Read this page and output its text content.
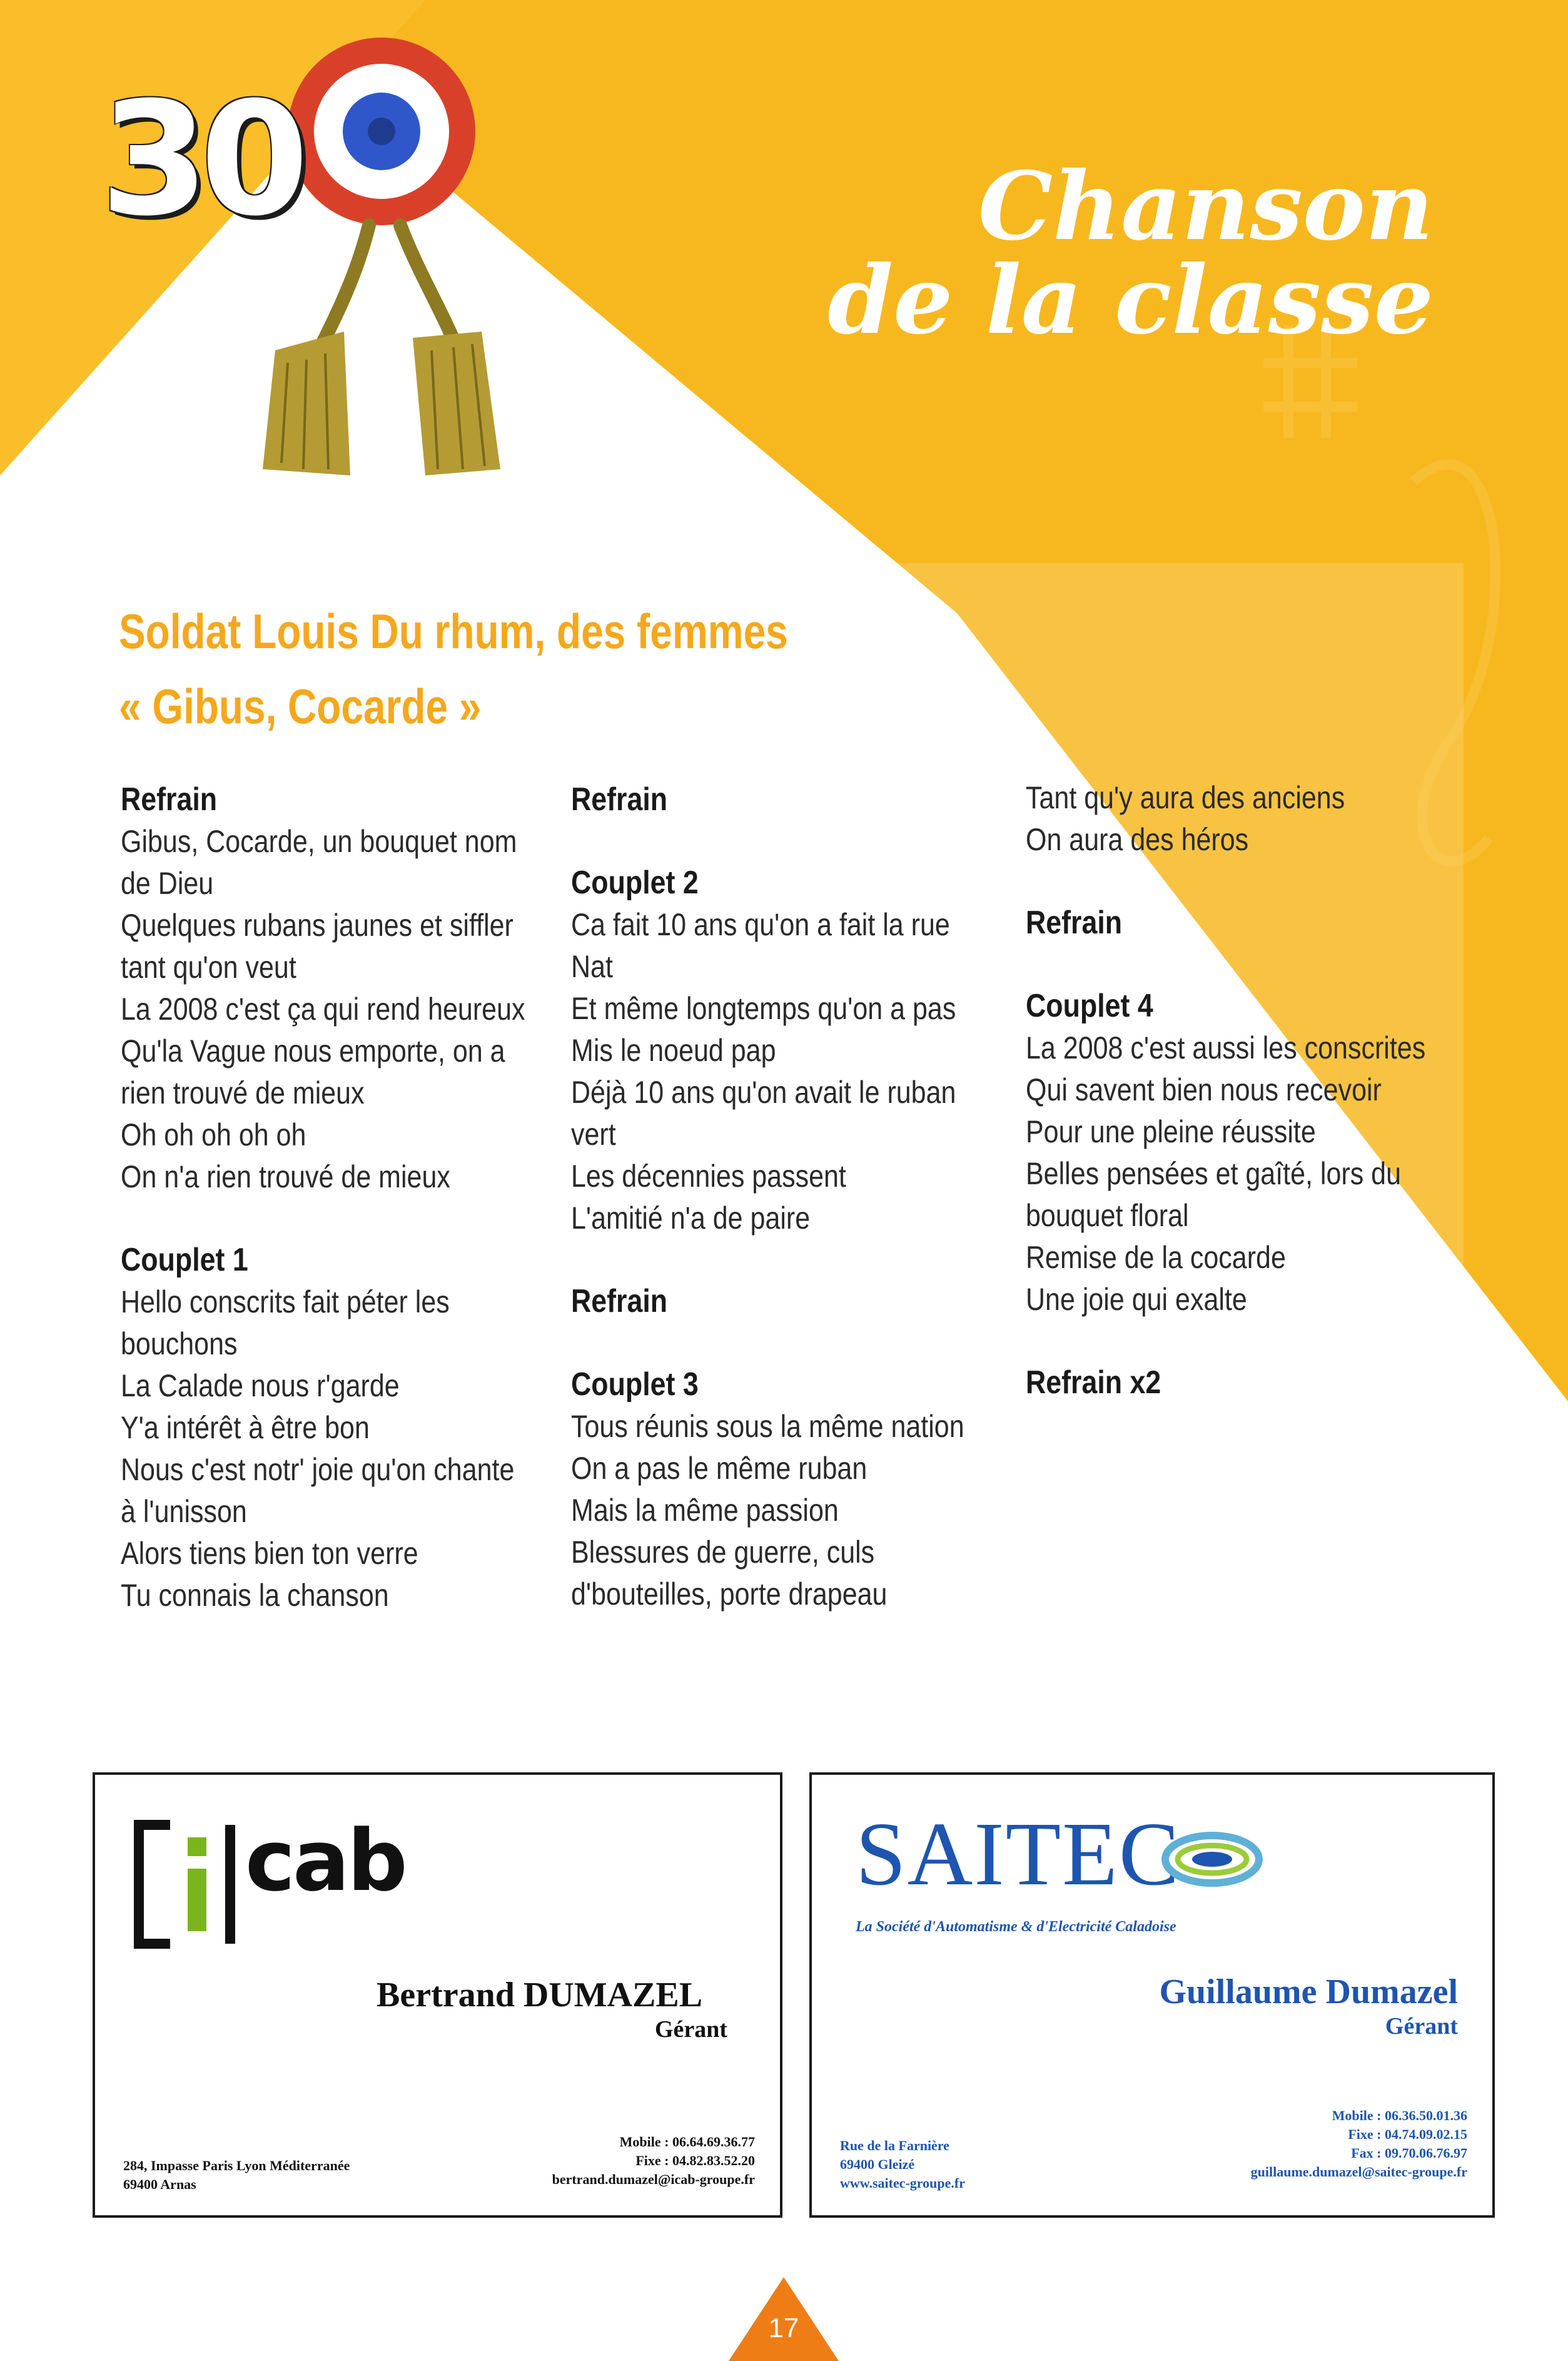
30	Chanson
de la classe
Soldat Louis Du rhum, des femmes
« Gibus, Cocarde »
Refrain
Gibus, Cocarde, un bouquet nom
de Dieu
Quelques rubans jaunes et siffler
tant qu'on veut
La 2008 c'est ça qui rend heureux
Qu'la Vague nous emporte, on a
rien trouvé de mieux
Oh oh oh oh oh
On n'a rien trouvé de mieux
Couplet 1
Hello conscrits fait péter les
bouchons
La Calade nous r'garde
Y'a intérêt à être bon
Nous c'est notr' joie qu'on chante
à l'unisson
Alors tiens bien ton verre
Tu connais la chanson
Refrain
Couplet 2
Ca fait 10 ans qu'on a fait la rue
Nat
Et même longtemps qu'on a pas
Mis le noeud pap
Déjà 10 ans qu'on avait le ruban
vert
Les décennies passent
L'amitié n'a de paire
Refrain
Couplet 3
Tous réunis sous la même nation
On a pas le même ruban
Mais la même passion
Blessures de guerre, culs
d'bouteilles, porte drapeau
Tant qu'y aura des anciens
On aura des héros
Refrain
Couplet 4
La 2008 c'est aussi les conscrites
Qui savent bien nous recevoir
Pour une pleine réussite
Belles pensées et gaîté, lors du
bouquet floral
Remise de la cocarde
Une joie qui exalte
Refrain x2
cab
Bertrand DUMAZEL
Gérant
284, Impasse Paris Lyon Méditerranée
69400 Arnas
Mobile : 06.64.69.36.77
Fixe : 04.82.83.52.20
bertrand.dumazel@icab-groupe.fr
SAITEC
La Société d'Automatisme & d'Electricité Caladoise
Guillaume Dumazel
Gérant
Rue de la Farnière
69400 Gleizé
www.saitec-groupe.fr
Mobile : 06.36.50.01.36
Fixe : 04.74.09.02.15
Fax : 09.70.06.76.97
guillaume.dumazel@saitec-groupe.fr
17
